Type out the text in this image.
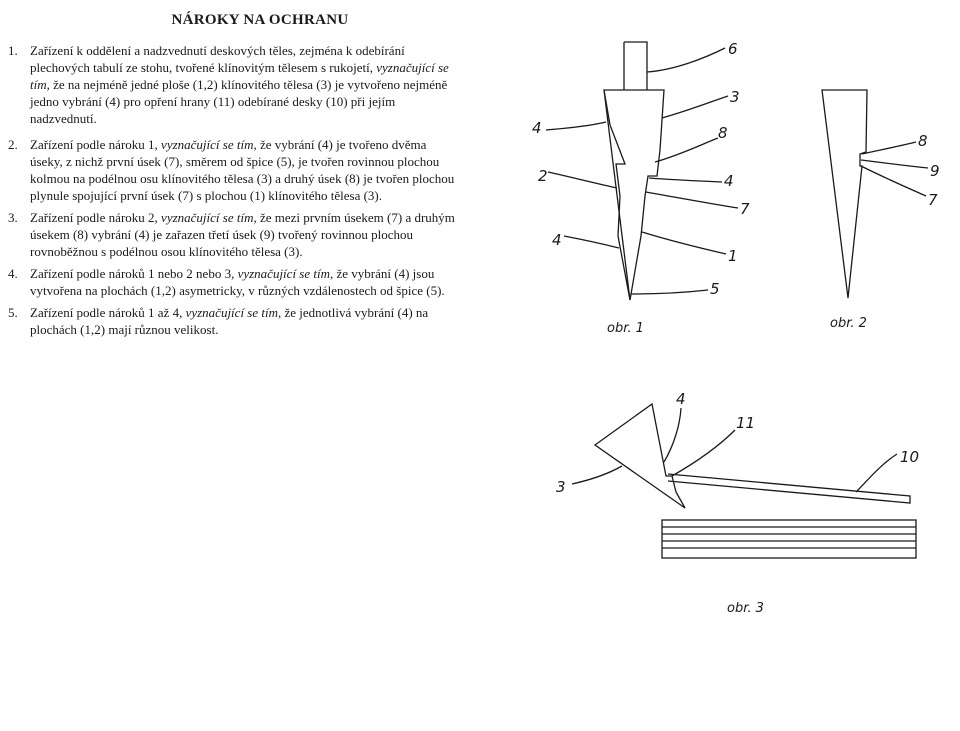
NÁROKY NA OCHRANU
1. Zařízení k oddělení a nadzvednutí deskových těles, zejména k odebírání plechových tabulí ze stohu, tvořené klínovitým tělesem s rukojetí, vyznačující se tím, že na nejméně jedné ploše (1,2) klínovitého tělesa (3) je vytvořeno nejméně jedno vybrání (4) pro opření hrany (11) odebírané desky (10) při jejím nadzvednutí.
2. Zařízení podle nároku 1, vyznačující se tím, že vybrání (4) je tvořeno dvěma úseky, z nichž první úsek (7), směrem od špice (5), je tvořen rovinnou plochou kolmou na podélnou osu klínovitého tělesa (3) a druhý úsek (8) je tvořen plochou plynule spojující první úsek (7) s plochou (1) klínovitého tělesa (3).
3. Zařízení podle nároku 2, vyznačující se tím, že mezi prvním úsekem (7) a druhým úsekem (8) vybrání (4) je zařazen třetí úsek (9) tvořený rovinnou plochou rovnoběžnou s podélnou osou klínovitého tělesa (3).
4. Zařízení podle nároků 1 nebo 2 nebo 3, vyznačující se tím, že vybrání (4) jsou vytvořena na plochách (1,2) asymetricky, v různých vzdálenostech od špice (5).
5. Zařízení podle nároků 1 až 4, vyznačující se tím, že jednotlivá vybrání (4) na plochách (1,2) mají různou velikost.
6
3
4	8
2	4
7
4
1
5
obr. 1
8
9
7
obr. 2
4
11
10
3
obr. 3
